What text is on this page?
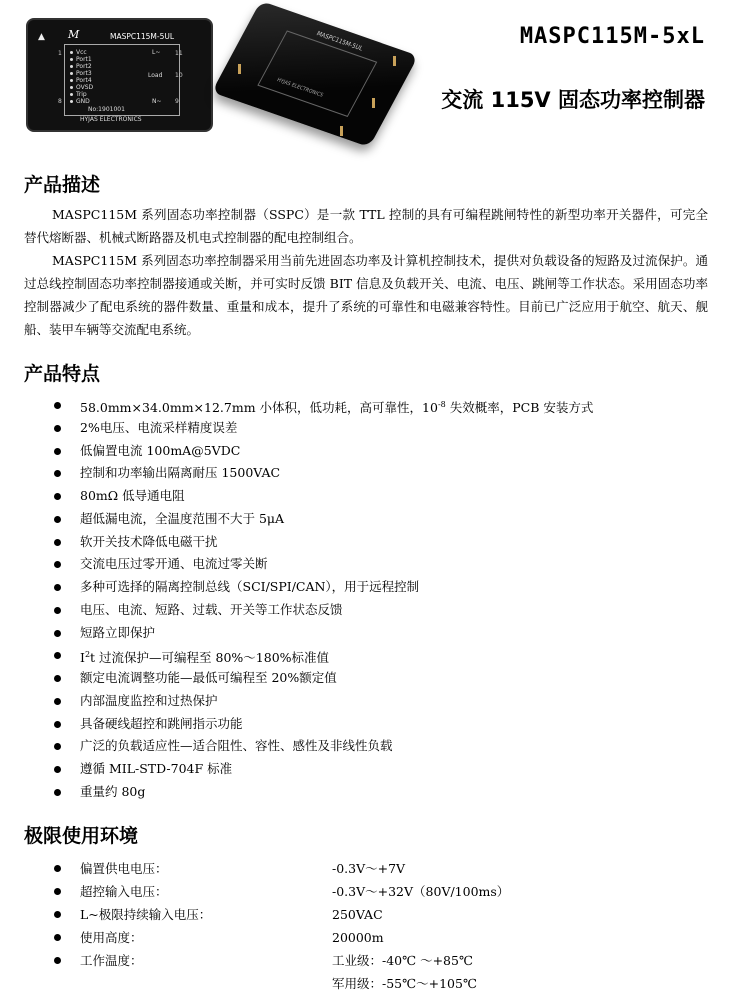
▲ M	MASPC115M-5UL
1
8
11
10
9
Vcc
Port1
Port2
Port3
Port4
OVSD
Trip
GND
L~
Load
N~
No:1901001
HYJAS ELECTRONICS
MASPC115M-5UL
HYJAS ELECTRONICS
MASPC115M-5xL
交流 115V 固态功率控制器
产品描述

MASPC115M 系列固态功率控制器（SSPC）是一款 TTL 控制的具有可编程跳闸特性的新型功率开关器件，可完全替代熔断器、机械式断路器及机电式控制器的配电控制组合。

MASPC115M 系列固态功率控制器采用当前先进固态功率及计算机控制技术，提供对负载设备的短路及过流保护。通过总线控制固态功率控制器接通或关断，并可实时反馈 BIT 信息及负载开关、电流、电压、跳闸等工作状态。采用固态功率控制器减少了配电系统的器件数量、重量和成本，提升了系统的可靠性和电磁兼容特性。目前已广泛应用于航空、航天、舰船、装甲车辆等交流配电系统。

产品特点
58.0mm×34.0mm×12.7mm 小体积，低功耗，高可靠性，$10^{-8}$ 失效概率，PCB 安装方式
2%电压、电流采样精度误差
低偏置电流 100mA@5VDC
控制和功率输出隔离耐压 1500VAC
80mΩ 低导通电阻
超低漏电流，全温度范围不大于 5μA
软开关技术降低电磁干扰
交流电压过零开通、电流过零关断
多种可选择的隔离控制总线（SCI/SPI/CAN），用于远程控制
电压、电流、短路、过载、开关等工作状态反馈
短路立即保护
$I^2t$ 过流保护—可编程至 80%～180%标准值
额定电流调整功能—最低可编程至 20%额定值
内部温度监控和过热保护
具备硬线超控和跳闸指示功能
广泛的负载适应性—适合阻性、容性、感性及非线性负载
遵循 MIL-STD-704F 标准
重量约 80g
极限使用环境
偏置供电电压：	-0.3V～+7V
超控输入电压：	-0.3V～+32V（80V/100ms）
L~极限持续输入电压：	250VAC
使用高度：	20000m
工作温度：	工业级：-40℃ ～+85℃
军用级：-55℃～+105℃
